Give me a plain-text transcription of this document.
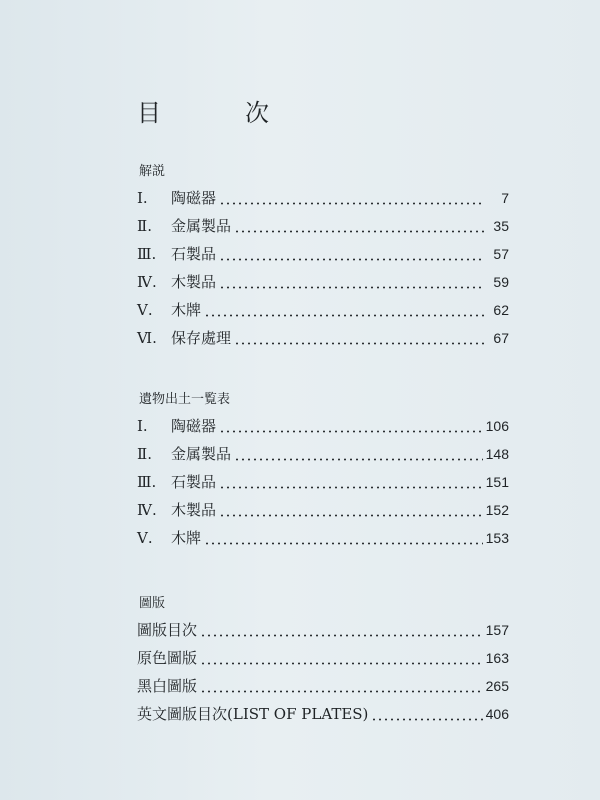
目　次
解説
Ⅰ.	陶磁器	7
Ⅱ.	金属製品	35
Ⅲ. 石製品	57
Ⅳ. 木製品	59
Ⅴ.	木牌	62
Ⅵ. 保存處理	67
遺物出土一覧表
Ⅰ.	陶磁器	106
Ⅱ.	金属製品	148
Ⅲ. 石製品	151
Ⅳ. 木製品	152
Ⅴ.	木牌	153
圖版
圖版目次	157
原色圖版	163
黑白圖版	265
英文圖版目次(LIST OF PLATES)	406
